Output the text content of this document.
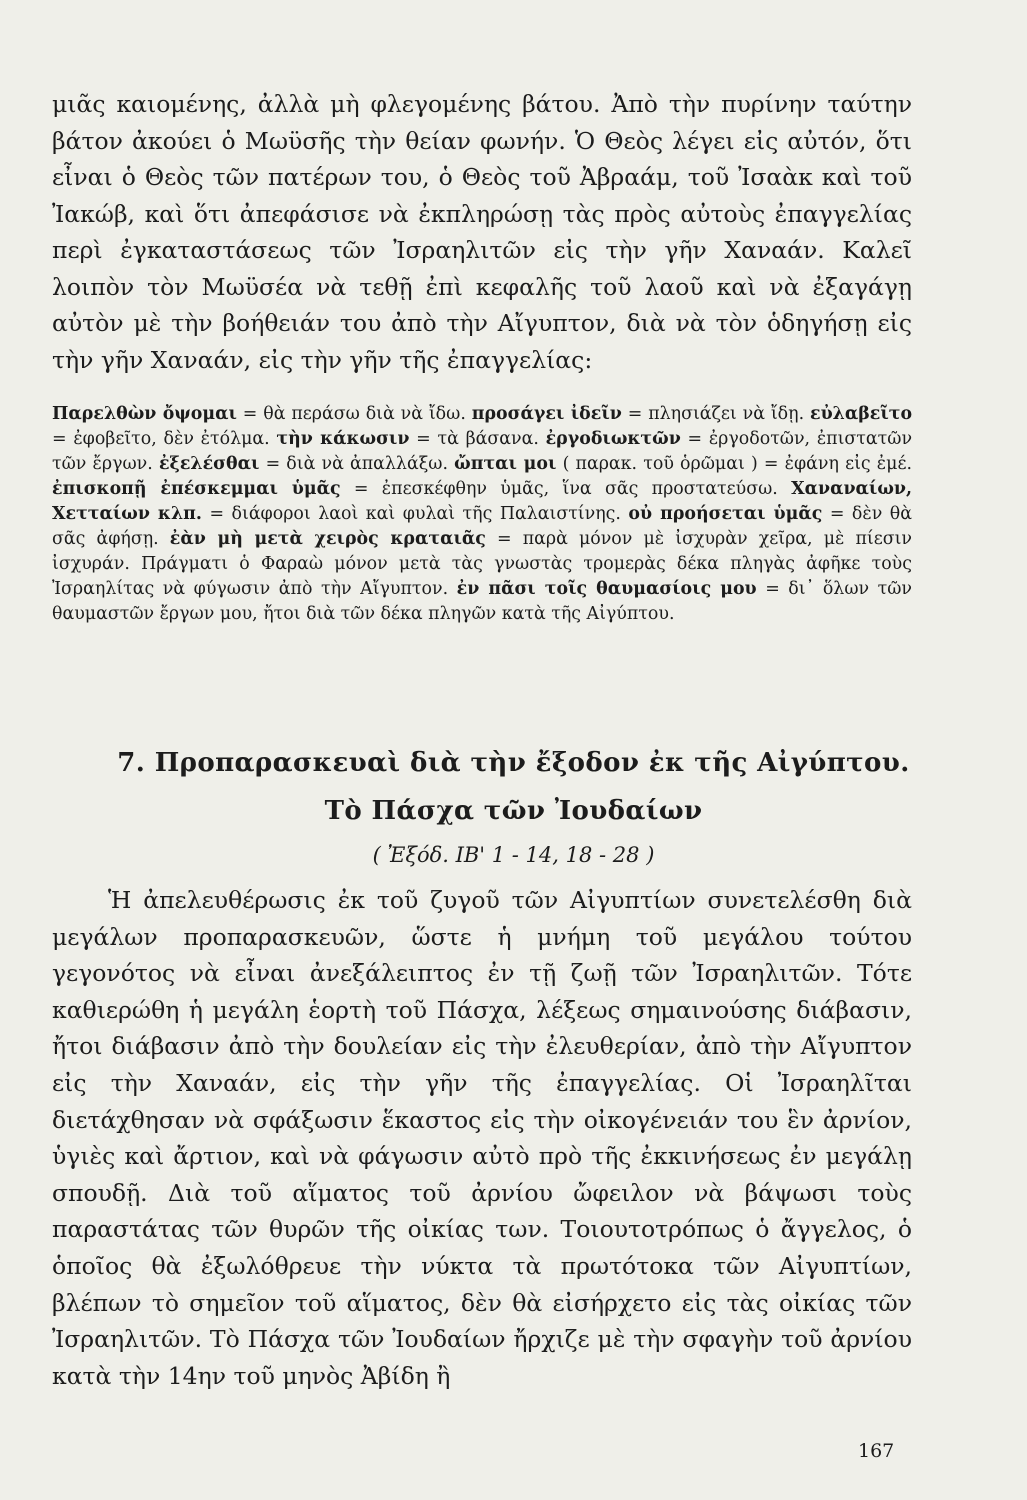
μιᾶς καιομένης, ἀλλὰ μὴ φλεγομένης βάτου. Ἀπὸ τὴν πυρίνην ταύτην βάτον ἀκούει ὁ Μωϋσῆς τὴν θείαν φωνήν. Ὁ Θεὸς λέγει εἰς αὐτόν, ὅτι εἶναι ὁ Θεὸς τῶν πατέρων του, ὁ Θεὸς τοῦ Ἀβραάμ, τοῦ Ἰσαὰκ καὶ τοῦ Ἰακώβ, καὶ ὅτι ἀπεφάσισε νὰ ἐκπληρώσῃ τὰς πρὸς αὐτοὺς ἐπαγγελίας περὶ ἐγκαταστάσεως τῶν Ἰσραηλιτῶν εἰς τὴν γῆν Χαναάν. Καλεῖ λοιπὸν τὸν Μωϋσέα νὰ τεθῇ ἐπὶ κεφαλῆς τοῦ λαοῦ καὶ νὰ ἐξαγάγῃ αὐτὸν μὲ τὴν βοήθειάν του ἀπὸ τὴν Αἴγυπτον, διὰ νὰ τὸν ὁδηγήσῃ εἰς τὴν γῆν Χαναάν, εἰς τὴν γῆν τῆς ἐπαγγελίας:

Παρελθὼν ὄψομαι = θὰ περάσω διὰ νὰ ἴδω. προσάγει ἰδεῖν = πλησιάζει νὰ ἴδῃ. εὐλαβεῖτο = ἐφοβεῖτο, δὲν ἐτόλμα. τὴν κάκωσιν = τὰ βάσανα. ἐργοδιωκτῶν = ἐργοδοτῶν, ἐπιστατῶν τῶν ἔργων. ἐξελέσθαι = διὰ νὰ ἀπαλλάξω. ὤπται μοι ( παρακ. τοῦ ὁρῶμαι ) = ἐφάνη εἰς ἐμέ. ἐπισκοπῇ ἐπέσκεμμαι ὑμᾶς = ἐπεσκέφθην ὑμᾶς, ἵνα σᾶς προστατεύσω. Χαναναίων, Χετταίων κλπ. = διάφοροι λαοὶ καὶ φυλαὶ τῆς Παλαιστίνης. οὐ προήσεται ὑμᾶς = δὲν θὰ σᾶς ἀφήσῃ. ἐὰν μὴ μετὰ χειρὸς κραταιᾶς = παρὰ μόνον μὲ ἰσχυρὰν χεῖρα, μὲ πίεσιν ἰσχυράν. Πράγματι ὁ Φαραὼ μόνον μετὰ τὰς γνωστὰς τρομερὰς δέκα πληγὰς ἀφῆκε τοὺς Ἰσραηλίτας νὰ φύγωσιν ἀπὸ τὴν Αἴγυπτον. ἐν πᾶσι τοῖς θαυμασίοις μου = δι᾽ ὅλων τῶν θαυμαστῶν ἔργων μου, ἤτοι διὰ τῶν δέκα πληγῶν κατὰ τῆς Αἰγύπτου.

7. Προπαρασκευαὶ διὰ τὴν ἔξοδον ἐκ τῆς Αἰγύπτου.
Τὸ Πάσχα τῶν Ἰουδαίων

( Ἐξόδ. ΙΒ' 1 - 14, 18 - 28 )

Ἡ ἀπελευθέρωσις ἐκ τοῦ ζυγοῦ τῶν Αἰγυπτίων συνετελέσθη διὰ μεγάλων προπαρασκευῶν, ὥστε ἡ μνήμη τοῦ μεγάλου τούτου γεγονότος νὰ εἶναι ἀνεξάλειπτος ἐν τῇ ζωῇ τῶν Ἰσραηλιτῶν. Τότε καθιερώθη ἡ μεγάλη ἑορτὴ τοῦ Πάσχα, λέξεως σημαινούσης διάβασιν, ἤτοι διάβασιν ἀπὸ τὴν δουλείαν εἰς τὴν ἐλευθερίαν, ἀπὸ τὴν Αἴγυπτον εἰς τὴν Χαναάν, εἰς τὴν γῆν τῆς ἐπαγγελίας. Οἱ Ἰσραηλῖται διετάχθησαν νὰ σφάξωσιν ἕκαστος εἰς τὴν οἰκογένειάν του ἓν ἀρνίον, ὑγιὲς καὶ ἄρτιον, καὶ νὰ φάγωσιν αὐτὸ πρὸ τῆς ἐκκινήσεως ἐν μεγάλῃ σπουδῇ. Διὰ τοῦ αἵματος τοῦ ἀρνίου ὤφειλον νὰ βάψωσι τοὺς παραστάτας τῶν θυρῶν τῆς οἰκίας των. Τοιουτοτρόπως ὁ ἄγγελος, ὁ ὁποῖος θὰ ἐξωλόθρευε τὴν νύκτα τὰ πρωτότοκα τῶν Αἰγυπτίων, βλέπων τὸ σημεῖον τοῦ αἵματος, δὲν θὰ εἰσήρχετο εἰς τὰς οἰκίας τῶν Ἰσραηλιτῶν. Τὸ Πάσχα τῶν Ἰουδαίων ἤρχιζε μὲ τὴν σφαγὴν τοῦ ἀρνίου κατὰ τὴν 14ην τοῦ μηνὸς Ἀβίδη ἢ

167
